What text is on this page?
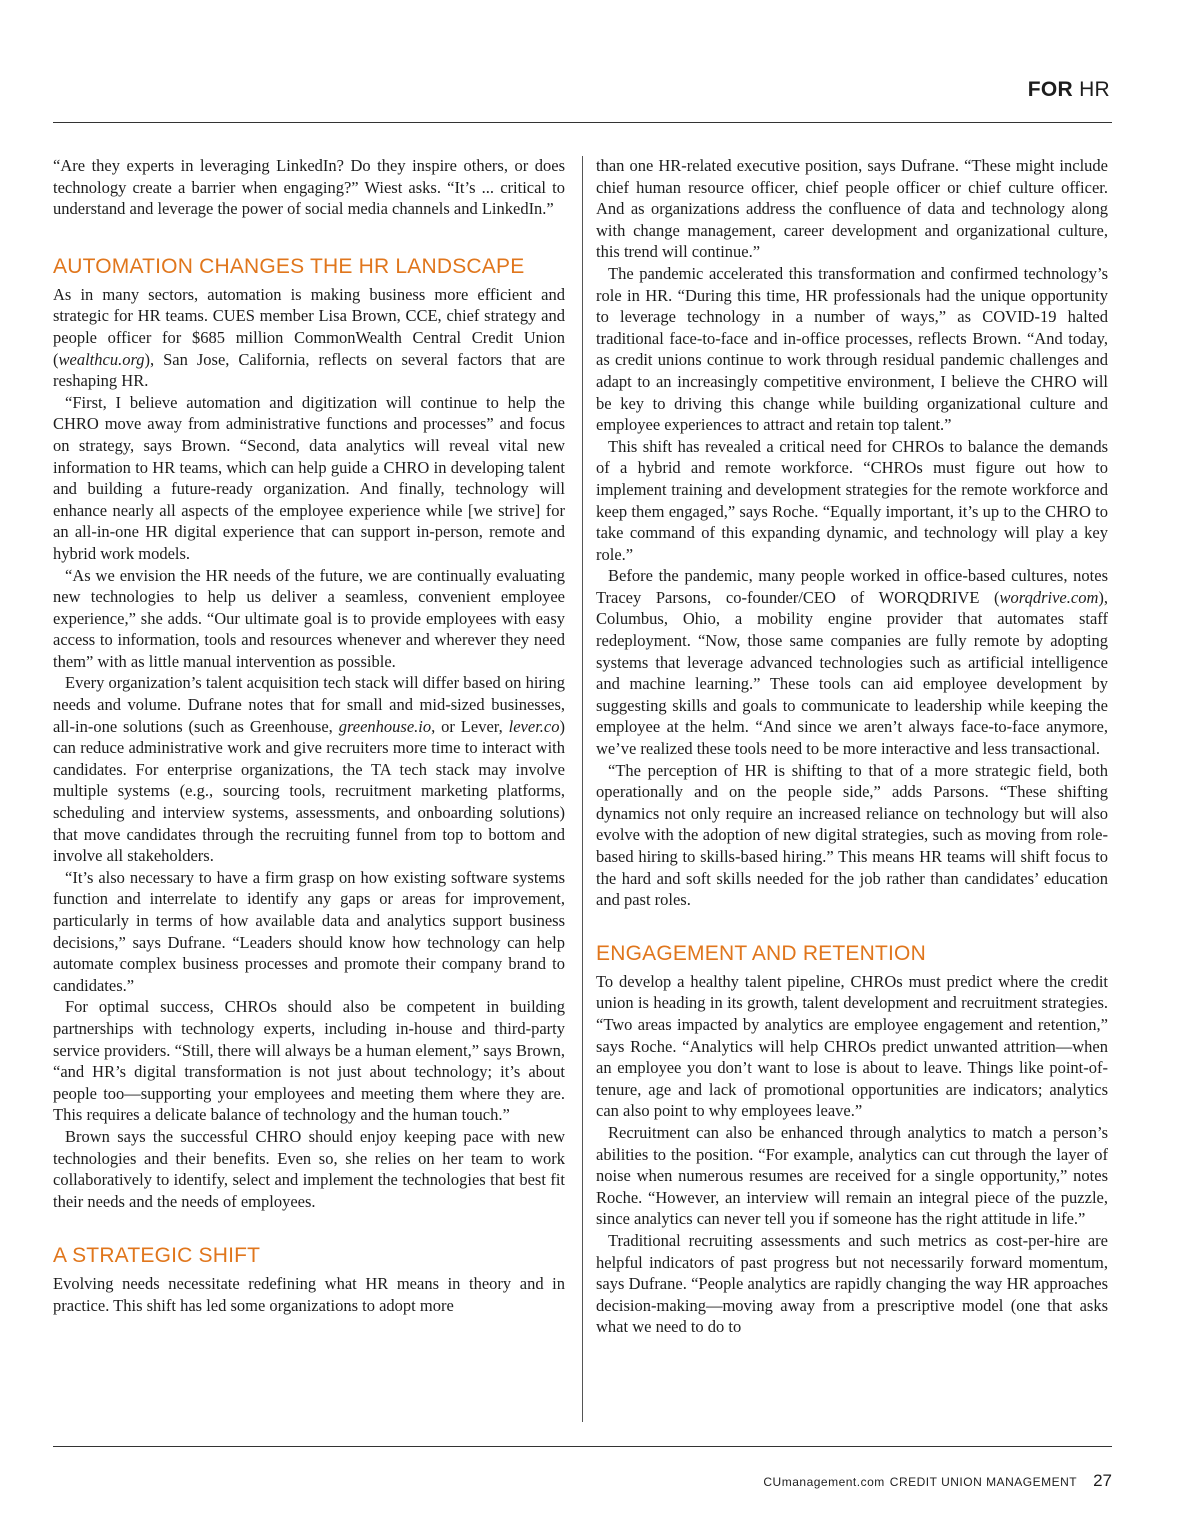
FOR HR

“Are they experts in leveraging LinkedIn? Do they inspire others, or does technology create a barrier when engaging?” Wiest asks. “It’s ... critical to understand and leverage the power of social media channels and LinkedIn.”

AUTOMATION CHANGES THE HR LANDSCAPE

As in many sectors, automation is making business more efficient and strategic for HR teams. CUES member Lisa Brown, CCE, chief strategy and people officer for $685 million CommonWealth Central Credit Union (wealthcu.org), San Jose, California, reflects on several factors that are reshaping HR.

“First, I believe automation and digitization will continue to help the CHRO move away from administrative functions and processes” and focus on strategy, says Brown. “Second, data analytics will reveal vital new information to HR teams, which can help guide a CHRO in developing talent and building a future-ready organization. And finally, technology will enhance nearly all aspects of the employee experience while [we strive] for an all-in-one HR digital experience that can support in-person, remote and hybrid work models.

“As we envision the HR needs of the future, we are continually evaluating new technologies to help us deliver a seamless, convenient employee experience,” she adds. “Our ultimate goal is to provide employees with easy access to information, tools and resources whenever and wherever they need them” with as little manual intervention as possible.

Every organization’s talent acquisition tech stack will differ based on hiring needs and volume. Dufrane notes that for small and mid-sized businesses, all-in-one solutions (such as Greenhouse, greenhouse.io, or Lever, lever.co) can reduce administrative work and give recruiters more time to interact with candidates. For enterprise organizations, the TA tech stack may involve multiple systems (e.g., sourcing tools, recruitment marketing platforms, scheduling and interview systems, assessments, and onboarding solutions) that move candidates through the recruiting funnel from top to bottom and involve all stakeholders.

“It’s also necessary to have a firm grasp on how existing software systems function and interrelate to identify any gaps or areas for improvement, particularly in terms of how available data and analytics support business decisions,” says Dufrane. “Leaders should know how technology can help automate complex business processes and promote their company brand to candidates.”

For optimal success, CHROs should also be competent in building partnerships with technology experts, including in-house and third-party service providers. “Still, there will always be a human element,” says Brown, “and HR’s digital transformation is not just about technology; it’s about people too—supporting your employees and meeting them where they are. This requires a delicate balance of technology and the human touch.”

Brown says the successful CHRO should enjoy keeping pace with new technologies and their benefits. Even so, she relies on her team to work collaboratively to identify, select and implement the technologies that best fit their needs and the needs of employees.

A STRATEGIC SHIFT

Evolving needs necessitate redefining what HR means in theory and in practice. This shift has led some organizations to adopt more

than one HR-related executive position, says Dufrane. “These might include chief human resource officer, chief people officer or chief culture officer. And as organizations address the confluence of data and technology along with change management, career development and organizational culture, this trend will continue.”

The pandemic accelerated this transformation and confirmed technology’s role in HR. “During this time, HR professionals had the unique opportunity to leverage technology in a number of ways,” as COVID-19 halted traditional face-to-face and in-office processes, reflects Brown. “And today, as credit unions continue to work through residual pandemic challenges and adapt to an increasingly competitive environment, I believe the CHRO will be key to driving this change while building organizational culture and employee experiences to attract and retain top talent.”

This shift has revealed a critical need for CHROs to balance the demands of a hybrid and remote workforce. “CHROs must figure out how to implement training and development strategies for the remote workforce and keep them engaged,” says Roche. “Equally important, it’s up to the CHRO to take command of this expanding dynamic, and technology will play a key role.”

Before the pandemic, many people worked in office-based cultures, notes Tracey Parsons, co-founder/CEO of WORQDRIVE (worqdrive.com), Columbus, Ohio, a mobility engine provider that automates staff redeployment. “Now, those same companies are fully remote by adopting systems that leverage advanced technologies such as artificial intelligence and machine learning.” These tools can aid employee development by suggesting skills and goals to communicate to leadership while keeping the employee at the helm. “And since we aren’t always face-to-face anymore, we’ve realized these tools need to be more interactive and less transactional.

“The perception of HR is shifting to that of a more strategic field, both operationally and on the people side,” adds Parsons. “These shifting dynamics not only require an increased reliance on technology but will also evolve with the adoption of new digital strategies, such as moving from role-based hiring to skills-based hiring.” This means HR teams will shift focus to the hard and soft skills needed for the job rather than candidates’ education and past roles.

ENGAGEMENT AND RETENTION

To develop a healthy talent pipeline, CHROs must predict where the credit union is heading in its growth, talent development and recruitment strategies. “Two areas impacted by analytics are employee engagement and retention,” says Roche. “Analytics will help CHROs predict unwanted attrition—when an employee you don’t want to lose is about to leave. Things like point-of-tenure, age and lack of promotional opportunities are indicators; analytics can also point to why employees leave.”

Recruitment can also be enhanced through analytics to match a person’s abilities to the position. “For example, analytics can cut through the layer of noise when numerous resumes are received for a single opportunity,” notes Roche. “However, an interview will remain an integral piece of the puzzle, since analytics can never tell you if someone has the right attitude in life.”

Traditional recruiting assessments and such metrics as cost-per-hire are helpful indicators of past progress but not necessarily forward momentum, says Dufrane. “People analytics are rapidly changing the way HR approaches decision-making—moving away from a prescriptive model (one that asks what we need to do to

CUmanagement.com CREDIT UNION MANAGEMENT 27
